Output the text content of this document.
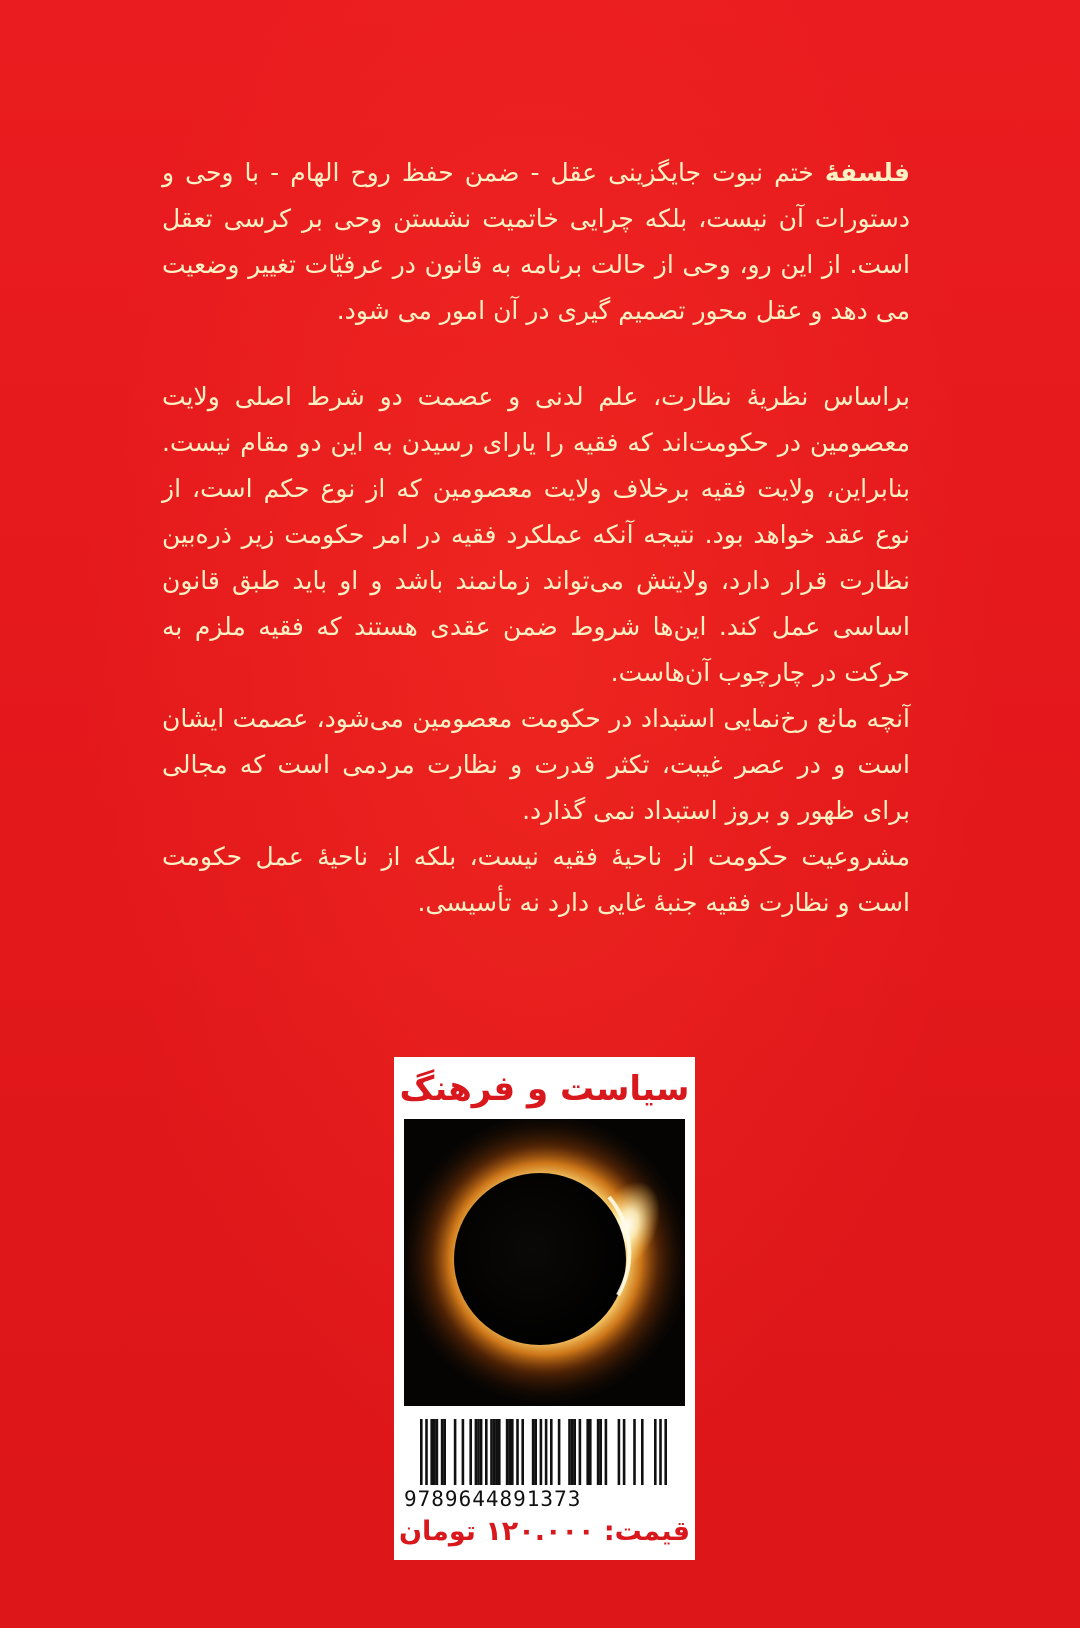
فلسفهٔ ختم نبوت جایگزینی عقل - ضمن حفظ روح الهام - با وحی و دستورات آن نیست، بلکه چرایی خاتمیت نشستن وحی بر کرسی تعقل است. از این رو، وحی از حالت برنامه به قانون در عرفیّات تغییر وضعیت می دهد و عقل محور تصمیم گیری در آن امور می شود.

براساس نظریهٔ نظارت، علم لدنی و عصمت دو شرط اصلی ولایت معصومین در حکومت‌اند که فقیه را یارای رسیدن به این دو مقام نیست. بنابراین، ولایت فقیه برخلاف ولایت معصومین که از نوع حکم است، از نوع عقد خواهد بود. نتیجه آنکه عملکرد فقیه در امر حکومت زیر ذره‌بین نظارت قرار دارد، ولایتش می‌تواند زمانمند باشد و او باید طبق قانون اساسی عمل کند. این‌ها شروط ضمن عقدی هستند که فقیه ملزم به حرکت در چارچوب آن‌هاست.

آنچه مانع رخ‌نمایی استبداد در حکومت معصومین می‌شود، عصمت ایشان است و در عصر غیبت، تکثر قدرت و نظارت مردمی است که مجالی برای ظهور و بروز استبداد نمی گذارد.

مشروعیت حکومت از ناحیهٔ فقیه نیست، بلکه از ناحیهٔ عمل حکومت است و نظارت فقیه جنبهٔ غایی دارد نه تأسیسی.

سیاست و فرهنگ
9789644891373
قیمت: ۱۲۰.۰۰۰ تومان
